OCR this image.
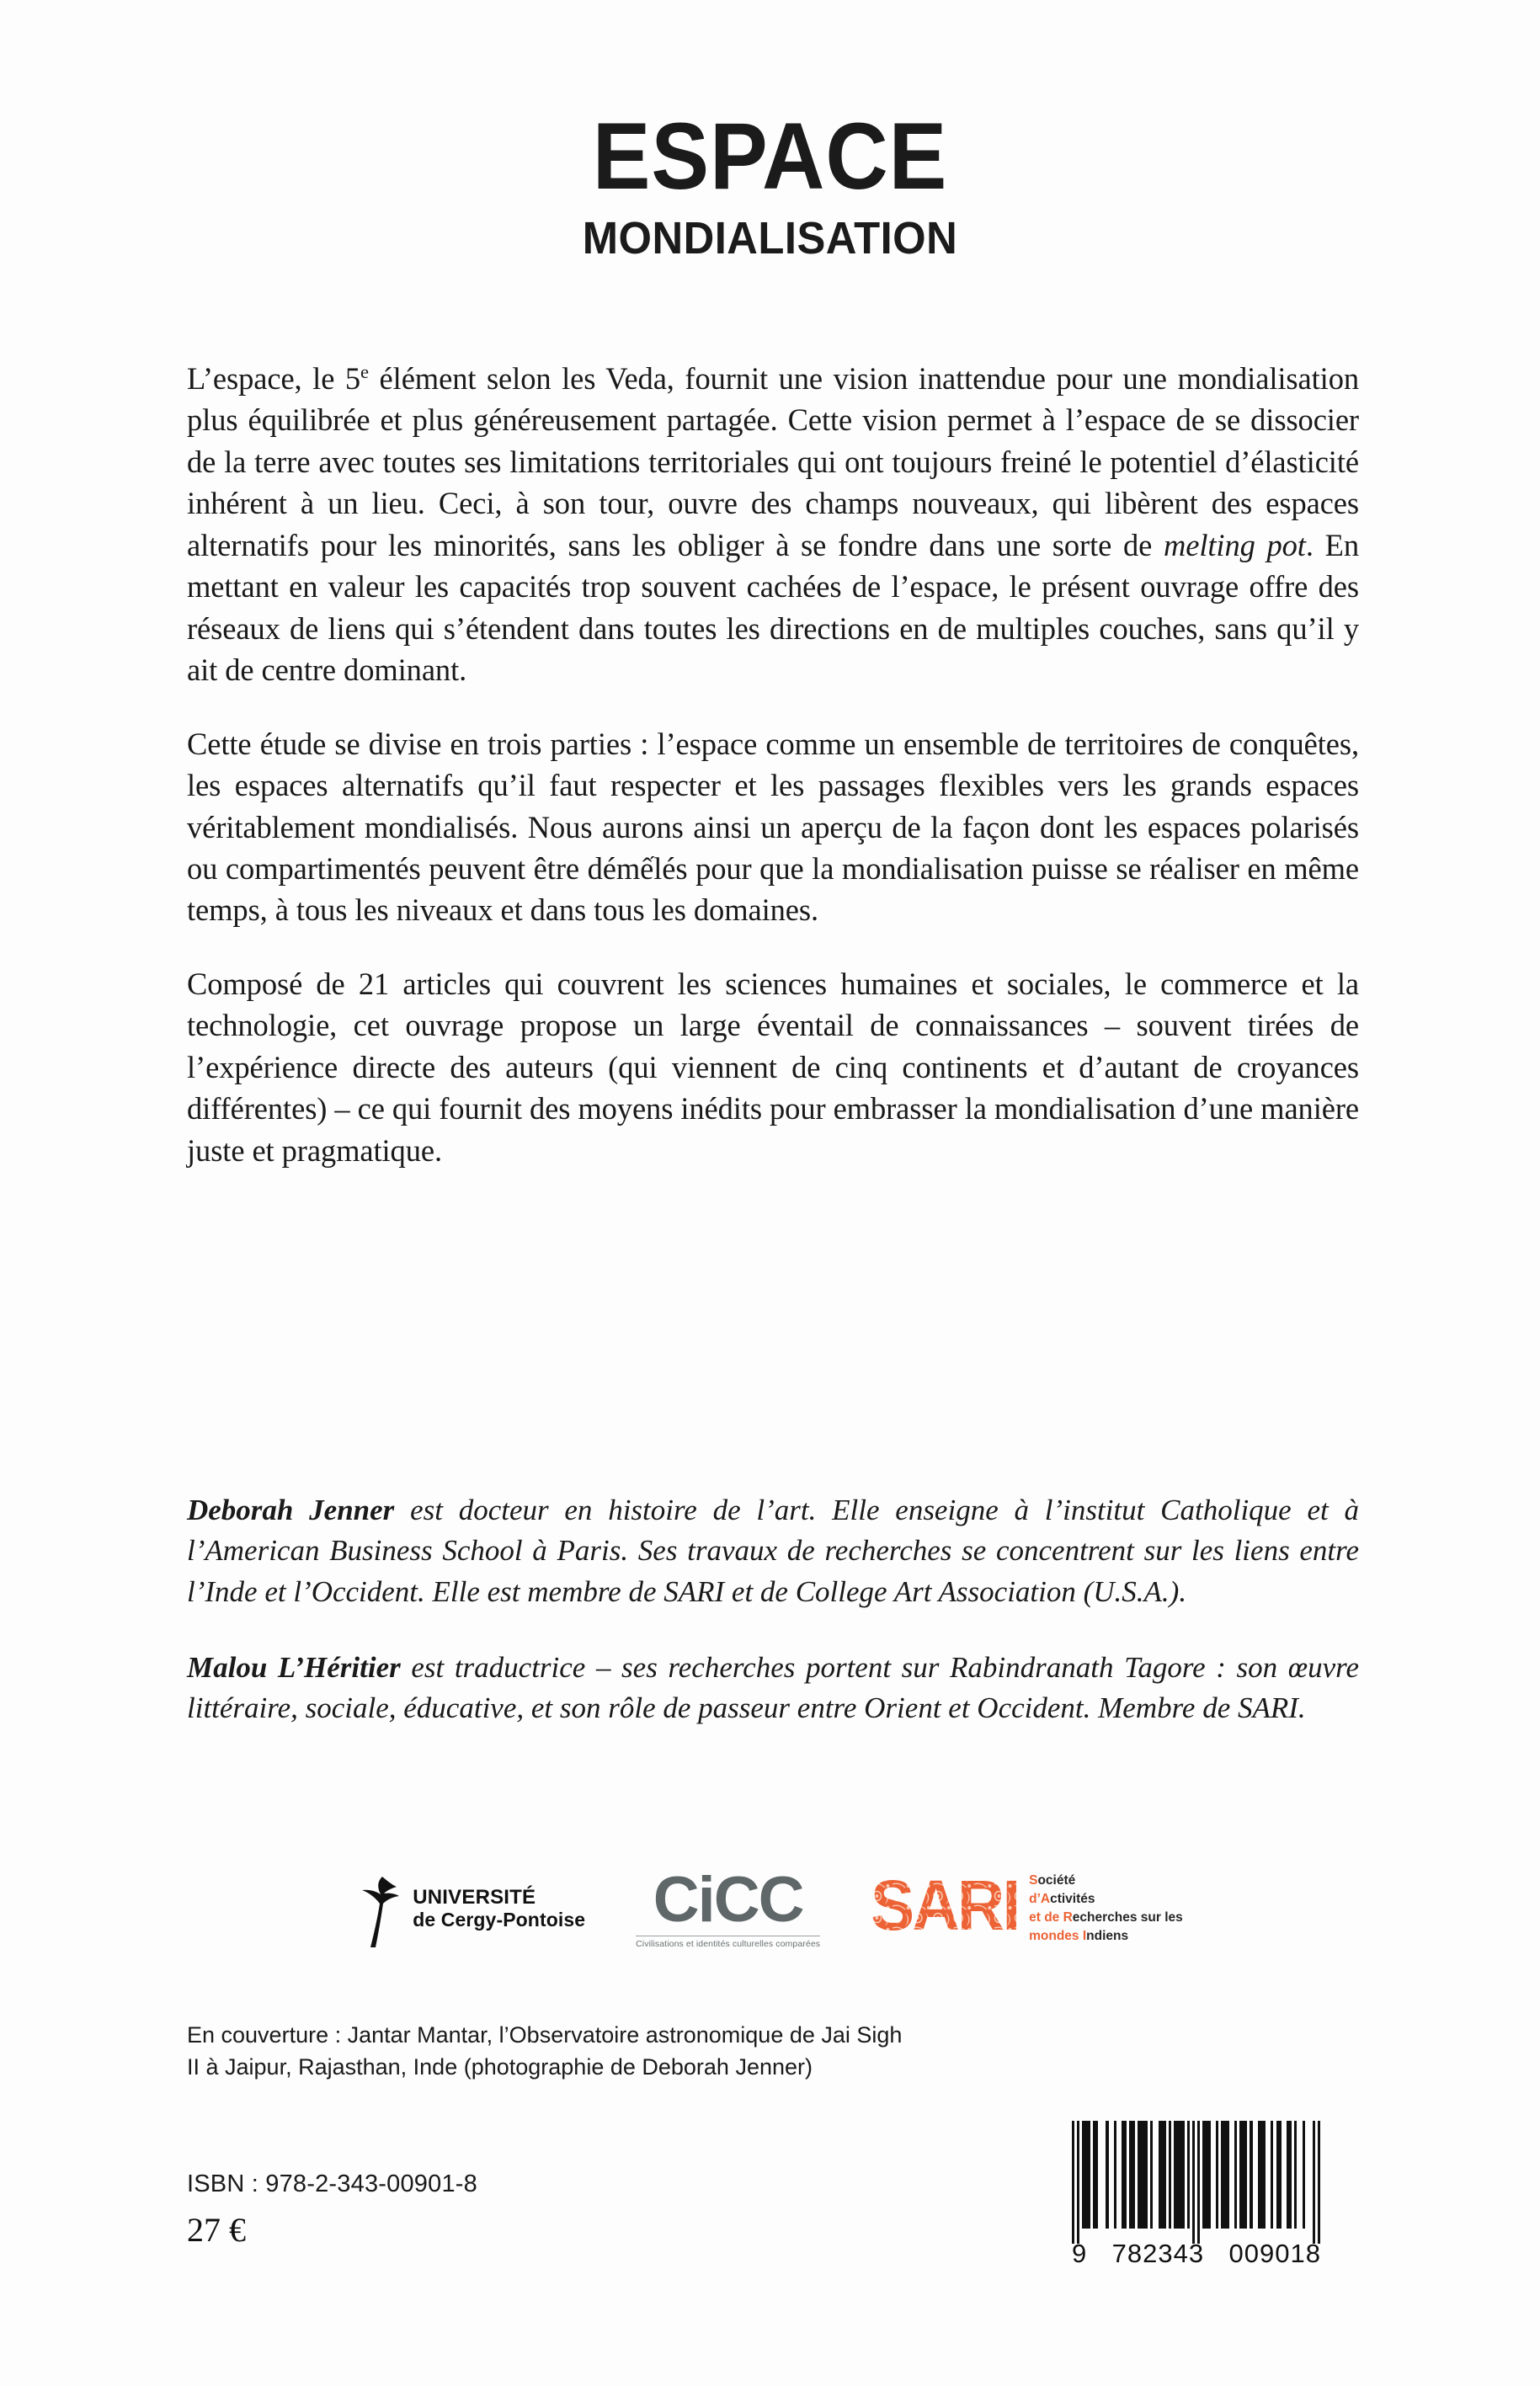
ESPACE
MONDIALISATION

L’espace, le 5e élément selon les Veda, fournit une vision inattendue pour une mondialisation plus équilibrée et plus généreusement partagée. Cette vision permet à l’espace de se dissocier de la terre avec toutes ses limitations territoriales qui ont toujours freiné le potentiel d’élasticité inhérent à un lieu. Ceci, à son tour, ouvre des champs nouveaux, qui libèrent des espaces alternatifs pour les minorités, sans les obliger à se fondre dans une sorte de melting pot. En mettant en valeur les capacités trop souvent cachées de l’espace, le présent ouvrage offre des réseaux de liens qui s’étendent dans toutes les directions en de multiples couches, sans qu’il y ait de centre dominant.

Cette étude se divise en trois parties : l’espace comme un ensemble de territoires de conquêtes, les espaces alternatifs qu’il faut respecter et les passages flexibles vers les grands espaces véritablement mondialisés. Nous aurons ainsi un aperçu de la façon dont les espaces polarisés ou compartimentés peuvent être démếlés pour que la mondialisation puisse se réaliser en même temps, à tous les niveaux et dans tous les domaines.

Composé de 21 articles qui couvrent les sciences humaines et sociales, le commerce et la technologie, cet ouvrage propose un large éventail de connaissances – souvent tirées de l’expérience directe des auteurs (qui viennent de cinq continents et d’autant de croyances différentes) – ce qui fournit des moyens inédits pour embrasser la mondialisation d’une manière juste et pragmatique.

Deborah Jenner est docteur en histoire de l’art. Elle enseigne à l’institut Catholique et à l’American Business School à Paris. Ses travaux de recherches se concentrent sur les liens entre l’Inde et l’Occident. Elle est membre de SARI et de College Art Association (U.S.A.).

Malou L’Héritier est traductrice – ses recherches portent sur Rabindranath Tagore : son œuvre littéraire, sociale, éducative, et son rôle de passeur entre Orient et Occident. Membre de SARI.

UNIVERSITÉ
de Cergy-Pontoise CiCC
Civilisations et identités culturelles comparées SARI Société
d’Activités
et de Recherches sur les
mondes Indiens
En couverture : Jantar Mantar, l’Observatoire astronomique de Jai Sigh
II à Jaipur, Rajasthan, Inde (photographie de Deborah Jenner)
ISBN : 978-2-343-00901-8
27 €
9 782343 009018
